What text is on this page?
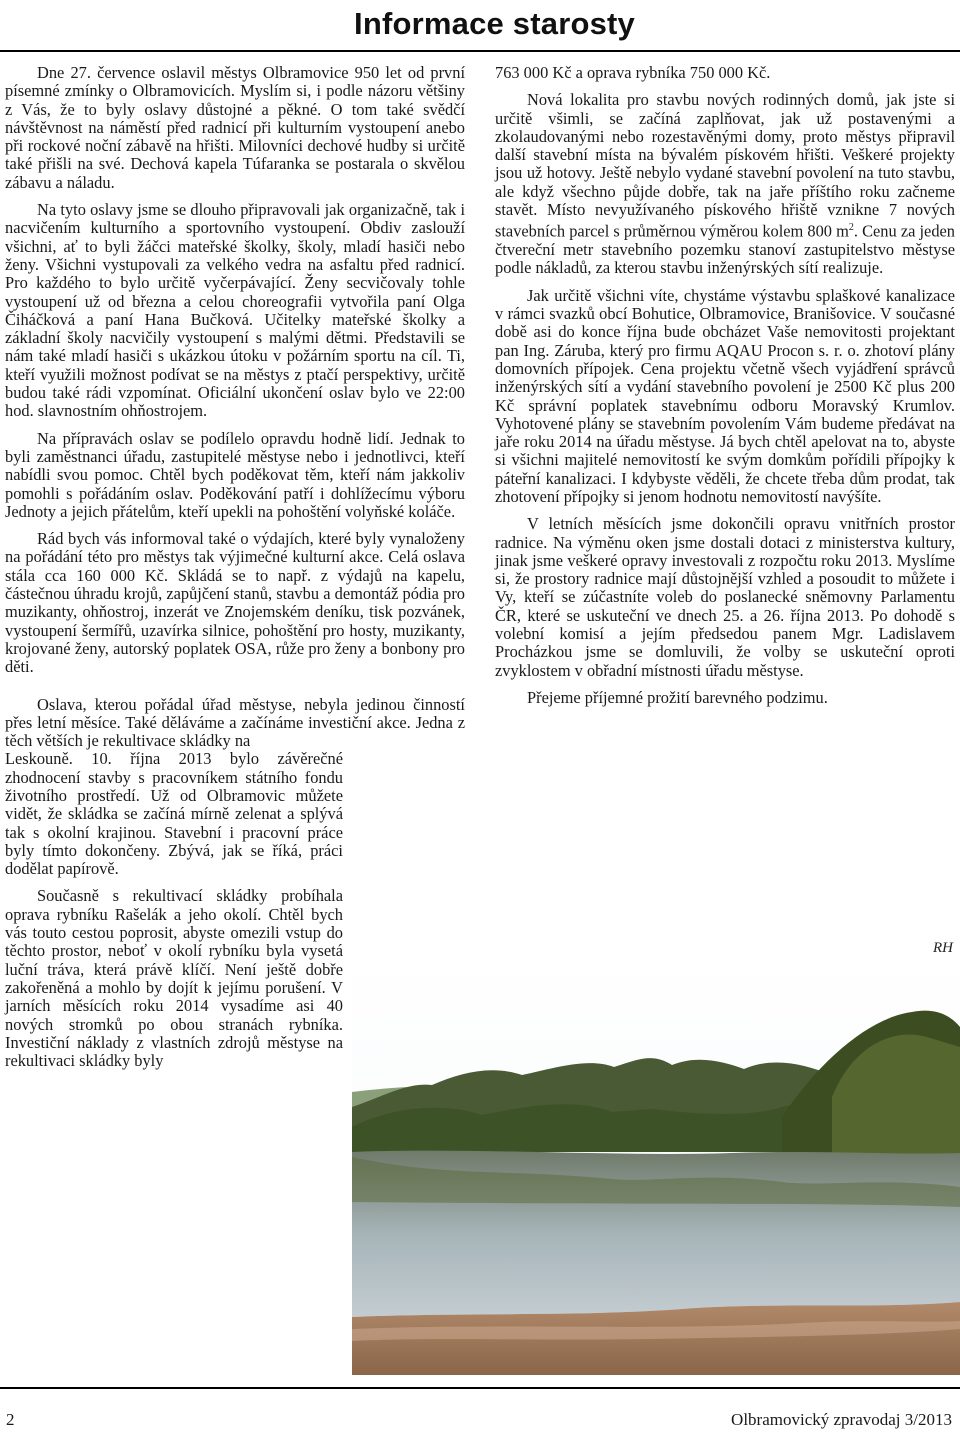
Informace starosty

Dne 27. července oslavil městys Olbramovice 950 let od první písemné zmínky o Olbramovicích. Myslím si, i podle názoru většiny z Vás, že to byly oslavy důstojné a pěkné. O tom také svědčí návštěvnost na náměstí před radnicí při kulturním vystoupení anebo při rockové noční zábavě na hřišti. Milovníci dechové hudby si určitě také přišli na své. Dechová kapela Túfaranka se postarala o skvělou zábavu a náladu.

Na tyto oslavy jsme se dlouho připravovali jak organizačně, tak i nacvičením kulturního a sportovního vystoupení. Obdiv zaslouží všichni, ať to byli žáčci mateřské školky, školy, mladí hasiči nebo ženy. Všichni vystupovali za velkého vedra na asfaltu před radnicí. Pro každého to bylo určitě vyčerpávající. Ženy secvičovaly tohle vystoupení už od března a celou choreografii vytvořila paní Olga Čiháčková a paní Hana Bučková. Učitelky mateřské školky a základní školy nacvičily vystoupení s malými dětmi. Představili se nám také mladí hasiči s ukázkou útoku v požárním sportu na cíl. Ti, kteří využili možnost podívat se na městys z ptačí perspektivy, určitě budou také rádi vzpomínat. Oficiální ukončení oslav bylo ve 22:00 hod. slavnostním ohňostrojem.

Na přípravách oslav se podílelo opravdu hodně lidí. Jednak to byli zaměstnanci úřadu, zastupitelé městyse nebo i jednotlivci, kteří nabídli svou pomoc. Chtěl bych poděkovat těm, kteří nám jakkoliv pomohli s pořádáním oslav. Poděkování patří i dohlížecímu výboru Jednoty a jejich přátelům, kteří upekli na pohoštění volyňské koláče.

Rád bych vás informoval také o výdajích, které byly vynaloženy na pořádání této pro městys tak výjimečné kulturní akce. Celá oslava stála cca 160 000 Kč. Skládá se to např. z výdajů na kapelu, částečnou úhradu krojů, zapůjčení stanů, stavbu a demontáž pódia pro muzikanty, ohňostroj, inzerát ve Znojemském deníku, tisk pozvánek, vystoupení šermířů, uzavírka silnice, pohoštění pro hosty, muzikanty, krojované ženy, autorský poplatek OSA, růže pro ženy a bonbony pro děti.

Oslava, kterou pořádal úřad městyse, nebyla jedinou činností přes letní měsíce. Také děláváme a začínáme investiční akce. Jedna z těch větších je rekultivace skládky na

Leskouně. 10. října 2013 bylo závěrečné zhodnocení stavby s pracovníkem státního fondu životního prostředí. Už od Olbramovic můžete vidět, že skládka se začíná mírně zelenat a splývá tak s okolní krajinou. Stavební i pracovní práce byly tímto dokončeny. Zbývá, jak se říká, práci dodělat papírově.

Současně s rekultivací skládky probíhala oprava rybníku Rašelák a jeho okolí. Chtěl bych vás touto cestou poprosit, abyste omezili vstup do těchto prostor, neboť v okolí rybníku byla vysetá luční tráva, která právě klíčí. Není ještě dobře zakořeněná a mohlo by dojít k jejímu porušení. V jarních měsících roku 2014 vysadíme asi 40 nových stromků po obou stranách rybníka. Investiční náklady z vlastních zdrojů městyse na rekultivaci skládky byly

763 000 Kč a oprava rybníka 750 000 Kč.

Nová lokalita pro stavbu nových rodinných domů, jak jste si určitě všimli, se začíná zaplňovat, jak už postavenými a zkolaudovanými nebo rozestavěnými domy, proto městys připravil další stavební místa na bývalém pískovém hřišti. Veškeré projekty jsou už hotovy. Ještě nebylo vydané stavební povolení na tuto stavbu, ale když všechno půjde dobře, tak na jaře příštího roku začneme stavět. Místo nevyužívaného pískového hřiště vznikne 7 nových stavebních parcel s průměrnou výměrou kolem 800 $m^2$. Cenu za jeden čtvereční metr stavebního pozemku stanoví zastupitelstvo městyse podle nákladů, za kterou stavbu inženýrských sítí realizuje.

Jak určitě všichni víte, chystáme výstavbu splaškové kanalizace v rámci svazků obcí Bohutice, Olbramovice, Branišovice. V současné době asi do konce října bude obcházet Vaše nemovitosti projektant pan Ing. Záruba, který pro firmu AQAU Procon s. r. o. zhotoví plány domovních přípojek. Cena projektu včetně všech vyjádření správců inženýrských sítí a vydání stavebního povolení je 2500 Kč plus 200 Kč správní poplatek stavebnímu odboru Moravský Krumlov. Vyhotovené plány se stavebním povolením Vám budeme předávat na jaře roku 2014 na úřadu městyse. Já bych chtěl apelovat na to, abyste si všichni majitelé nemovitostí ke svým domkům pořídili přípojky k páteřní kanalizaci. I kdybyste věděli, že chcete třeba dům prodat, tak zhotovení přípojky si jenom hodnotu nemovitostí navýšíte.

V letních měsících jsme dokončili opravu vnitřních prostor radnice. Na výměnu oken jsme dostali dotaci z ministerstva kultury, jinak jsme veškeré opravy investovali z rozpočtu roku 2013. Myslíme si, že prostory radnice mají důstojnější vzhled a posoudit to můžete i Vy, kteří se zúčastníte voleb do poslanecké sněmovny Parlamentu ČR, které se uskuteční ve dnech 25. a 26. října 2013. Po dohodě s volební komisí a jejím předsedou panem Mgr. Ladislavem Procházkou jsme se domluvili, že volby se uskuteční oproti zvyklostem v obřadní místnosti úřadu městyse.

Přejeme příjemné prožití barevného podzimu.

RH
2	Olbramovický zpravodaj 3/2013
